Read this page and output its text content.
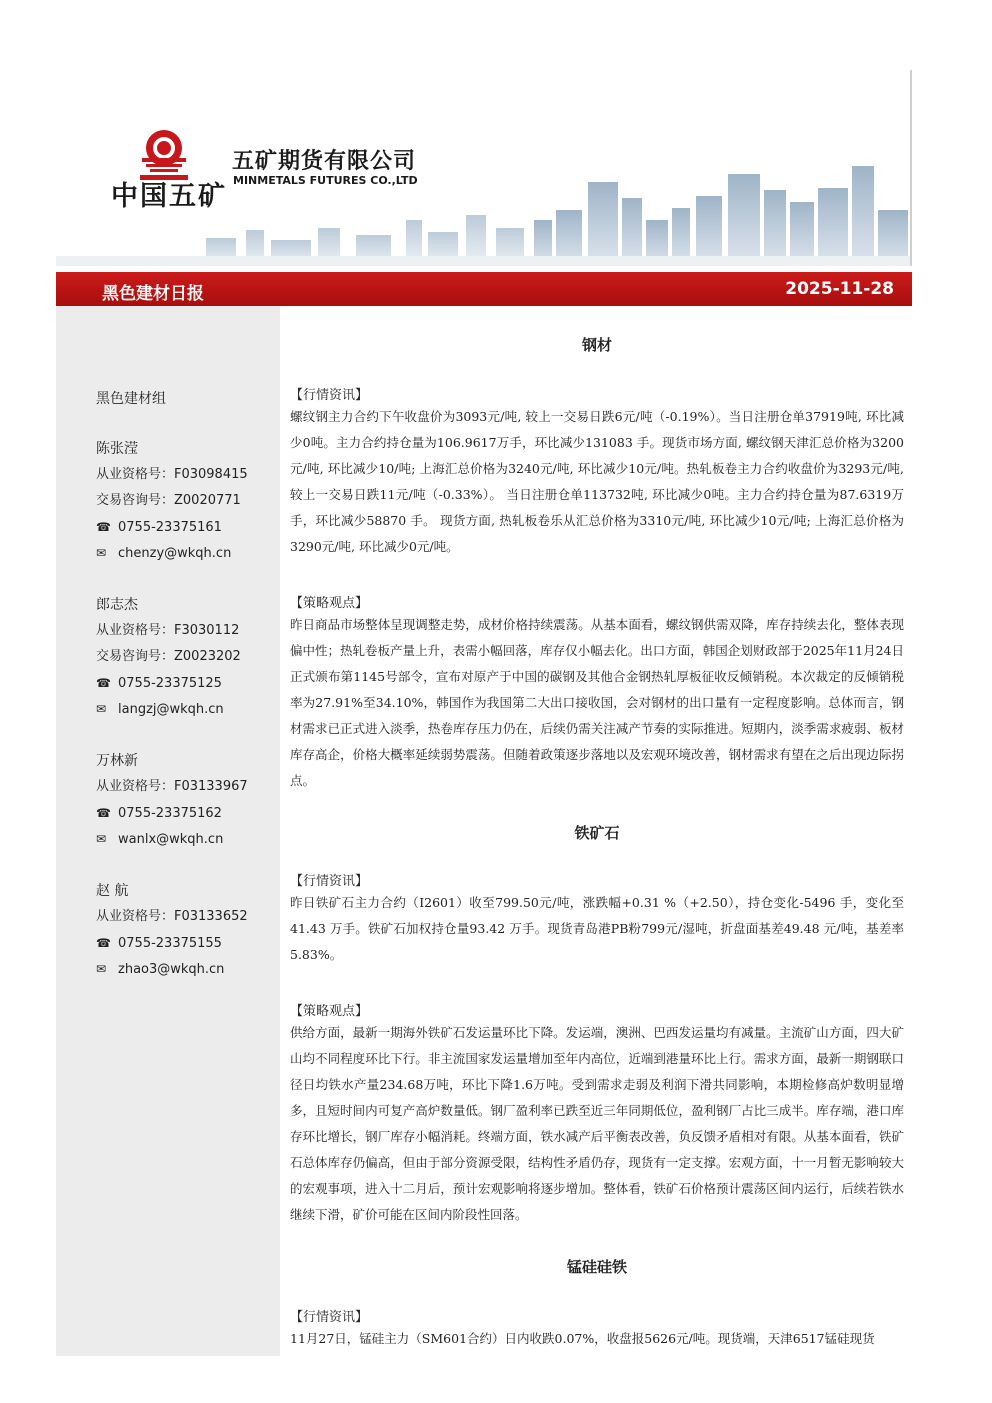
中国五矿
五矿期货有限公司
MINMETALS FUTURES CO.,LTD
黑色建材日报	2025-11-28
黑色建材组
陈张滢
从业资格号：F03098415
交易咨询号：Z0020771
☎ 0755-23375161
✉ chenzy@wkqh.cn
郎志杰
从业资格号：F3030112
交易咨询号：Z0023202
☎ 0755-23375125
✉ langzj@wkqh.cn
万林新
从业资格号：F03133967
☎ 0755-23375162
✉ wanlx@wkqh.cn
赵 航
从业资格号：F03133652
☎ 0755-23375155
✉ zhao3@wkqh.cn
钢材
【行情资讯】

螺纹钢主力合约下午收盘价为3093元/吨, 较上一交易日跌6元/吨（-0.19%）。当日注册仓单37919吨, 环比减少0吨。主力合约持仓量为106.9617万手，环比减少131083 手。现货市场方面, 螺纹钢天津汇总价格为3200元/吨, 环比减少10/吨; 上海汇总价格为3240元/吨, 环比减少10元/吨。热轧板卷主力合约收盘价为3293元/吨, 较上一交易日跌11元/吨（-0.33%）。 当日注册仓单113732吨, 环比减少0吨。主力合约持仓量为87.6319万手，环比减少58870 手。 现货方面, 热轧板卷乐从汇总价格为3310元/吨, 环比减少10元/吨; 上海汇总价格为3290元/吨, 环比减少0元/吨。

【策略观点】

昨日商品市场整体呈现调整走势，成材价格持续震荡。从基本面看，螺纹钢供需双降，库存持续去化，整体表现偏中性；热轧卷板产量上升，表需小幅回落，库存仅小幅去化。出口方面，韩国企划财政部于2025年11月24日正式颁布第1145号部令，宣布对原产于中国的碳钢及其他合金钢热轧厚板征收反倾销税。本次裁定的反倾销税率为27.91%至34.10%，韩国作为我国第二大出口接收国，会对钢材的出口量有一定程度影响。总体而言，钢材需求已正式进入淡季，热卷库存压力仍在，后续仍需关注减产节奏的实际推进。短期内，淡季需求疲弱、板材库存高企，价格大概率延续弱势震荡。但随着政策逐步落地以及宏观环境改善，钢材需求有望在之后出现边际拐点。

铁矿石
【行情资讯】

昨日铁矿石主力合约（I2601）收至799.50元/吨，涨跌幅+0.31 %（+2.50），持仓变化-5496 手，变化至41.43 万手。铁矿石加权持仓量93.42 万手。现货青岛港PB粉799元/湿吨，折盘面基差49.48 元/吨，基差率5.83%。

【策略观点】

供给方面，最新一期海外铁矿石发运量环比下降。发运端，澳洲、巴西发运量均有减量。主流矿山方面，四大矿山均不同程度环比下行。非主流国家发运量增加至年内高位，近端到港量环比上行。需求方面，最新一期钢联口径日均铁水产量234.68万吨，环比下降1.6万吨。受到需求走弱及利润下滑共同影响，本期检修高炉数明显增多，且短时间内可复产高炉数量低。钢厂盈利率已跌至近三年同期低位，盈利钢厂占比三成半。库存端，港口库存环比增长，钢厂库存小幅消耗。终端方面，铁水减产后平衡表改善，负反馈矛盾相对有限。从基本面看，铁矿石总体库存仍偏高，但由于部分资源受限，结构性矛盾仍存，现货有一定支撑。宏观方面，十一月暂无影响较大的宏观事项，进入十二月后，预计宏观影响将逐步增加。整体看，铁矿石价格预计震荡区间内运行，后续若铁水继续下滑，矿价可能在区间内阶段性回落。

锰硅硅铁
【行情资讯】

11月27日，锰硅主力（SM601合约）日内收跌0.07%，收盘报5626元/吨。现货端，天津6517锰硅现货
